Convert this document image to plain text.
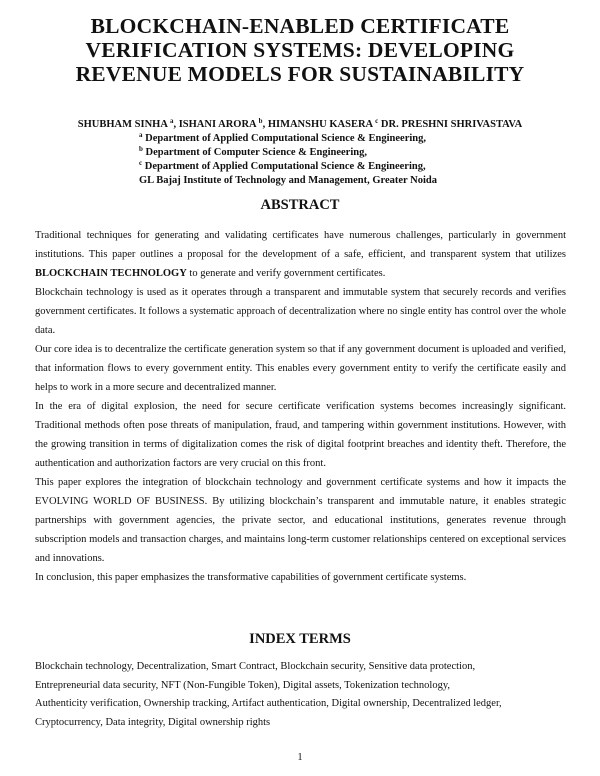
BLOCKCHAIN-ENABLED CERTIFICATE
VERIFICATION SYSTEMS: DEVELOPING
REVENUE MODELS FOR SUSTAINABILITY
SHUBHAM SINHA $^a$, ISHANI ARORA $^b$, HIMANSHU KASERA $^c$ DR. PRESHNI SHRIVASTAVA
$^a$ Department of Applied Computational Science & Engineering,
$^b$ Department of Computer Science & Engineering,
$^c$ Department of Applied Computational Science & Engineering,
GL Bajaj Institute of Technology and Management, Greater Noida
ABSTRACT

Traditional techniques for generating and validating certificates have numerous challenges, particularly in government institutions. This paper outlines a proposal for the development of a safe, efficient, and transparent system that utilizes BLOCKCHAIN TECHNOLOGY to generate and verify government certificates.

Blockchain technology is used as it operates through a transparent and immutable system that securely records and verifies government certificates. It follows a systematic approach of decentralization where no single entity has control over the whole data.

Our core idea is to decentralize the certificate generation system so that if any government document is uploaded and verified, that information flows to every government entity. This enables every government entity to verify the certificate easily and helps to work in a more secure and decentralized manner.

In the era of digital explosion, the need for secure certificate verification systems becomes increasingly significant. Traditional methods often pose threats of manipulation, fraud, and tampering within government institutions. However, with the growing transition in terms of digitalization comes the risk of digital footprint breaches and identity theft. Therefore, the authentication and authorization factors are very crucial on this front.

This paper explores the integration of blockchain technology and government certificate systems and how it impacts the EVOLVING WORLD OF BUSINESS. By utilizing blockchain’s transparent and immutable nature, it enables strategic partnerships with government agencies, the private sector, and educational institutions, generates revenue through subscription models and transaction charges, and maintains long-term customer relationships centered on exceptional services and innovations.

In conclusion, this paper emphasizes the transformative capabilities of government certificate systems.

INDEX TERMS
Blockchain technology, Decentralization, Smart Contract, Blockchain security, Sensitive data protection,
Entrepreneurial data security, NFT (Non-Fungible Token), Digital assets, Tokenization technology,
Authenticity verification, Ownership tracking, Artifact authentication, Digital ownership, Decentralized ledger,
Cryptocurrency, Data integrity, Digital ownership rights
1
